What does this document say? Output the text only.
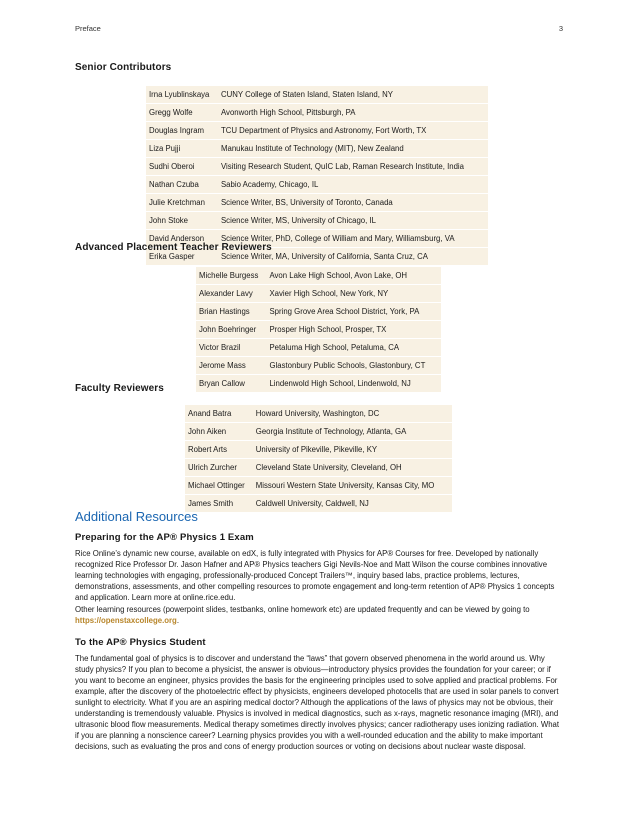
Preface	3
Senior Contributors
Irna Lyublinskaya	CUNY College of Staten Island, Staten Island, NY
Gregg Wolfe	Avonworth High School, Pittsburgh, PA
Douglas Ingram	TCU Department of Physics and Astronomy, Fort Worth, TX
Liza Pujji	Manukau Institute of Technology (MIT), New Zealand
Sudhi Oberoi	Visiting Research Student, QuIC Lab, Raman Research Institute, India
Nathan Czuba	Sabio Academy, Chicago, IL
Julie Kretchman	Science Writer, BS, University of Toronto, Canada
John Stoke	Science Writer, MS, University of Chicago, IL
David Anderson	Science Writer, PhD, College of William and Mary, Williamsburg, VA
Erika Gasper	Science Writer, MA, University of California, Santa Cruz, CA
Advanced Placement Teacher Reviewers
Michelle Burgess	Avon Lake High School, Avon Lake, OH
Alexander Lavy	Xavier High School, New York, NY
Brian Hastings	Spring Grove Area School District, York, PA
John Boehringer	Prosper High School, Prosper, TX
Victor Brazil	Petaluma High School, Petaluma, CA
Jerome Mass	Glastonbury Public Schools, Glastonbury, CT
Bryan Callow	Lindenwold High School, Lindenwold, NJ
Faculty Reviewers
Anand Batra	Howard University, Washington, DC
John Aiken	Georgia Institute of Technology, Atlanta, GA
Robert Arts	University of Pikeville, Pikeville, KY
Ulrich Zurcher	Cleveland State University, Cleveland, OH
Michael Ottinger	Missouri Western State University, Kansas City, MO
James Smith	Caldwell University, Caldwell, NJ
Additional Resources
Preparing for the AP® Physics 1 Exam

Rice Online’s dynamic new course, available on edX, is fully integrated with Physics for AP® Courses for free. Developed by nationally recognized Rice Professor Dr. Jason Hafner and AP® Physics teachers Gigi Nevils-Noe and Matt Wilson the course combines innovative learning technologies with engaging, professionally-produced Concept Trailers™, inquiry based labs, practice problems, lectures, demonstrations, assessments, and other compelling resources to promote engagement and long-term retention of AP® Physics 1 concepts and application. Learn more at online.rice.edu.

Other learning resources (powerpoint slides, testbanks, online homework etc) are updated frequently and can be viewed by going to https://openstaxcollege.org.

To the AP® Physics Student

The fundamental goal of physics is to discover and understand the “laws” that govern observed phenomena in the world around us. Why study physics? If you plan to become a physicist, the answer is obvious—introductory physics provides the foundation for your career; or if you want to become an engineer, physics provides the basis for the engineering principles used to solve applied and practical problems. For example, after the discovery of the photoelectric effect by physicists, engineers developed photocells that are used in solar panels to convert sunlight to electricity. What if you are an aspiring medical doctor? Although the applications of the laws of physics may not be obvious, their understanding is tremendously valuable. Physics is involved in medical diagnostics, such as x-rays, magnetic resonance imaging (MRI), and ultrasonic blood flow measurements. Medical therapy sometimes directly involves physics; cancer radiotherapy uses ionizing radiation. What if you are planning a nonscience career? Learning physics provides you with a well-rounded education and the ability to make important decisions, such as evaluating the pros and cons of energy production sources or voting on decisions about nuclear waste disposal.
